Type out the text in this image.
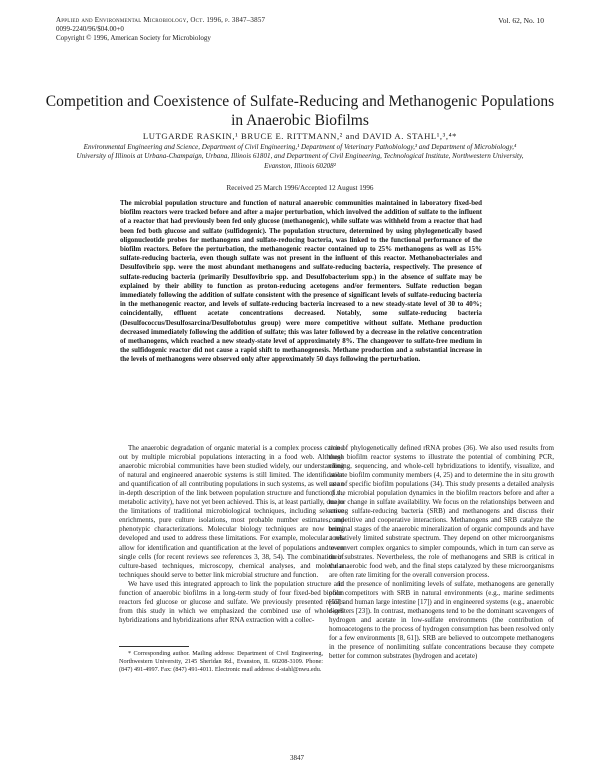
Applied and Environmental Microbiology, Oct. 1996, p. 3847–3857
0099-2240/96/$04.00+0
Copyright © 1996, American Society for Microbiology
Vol. 62, No. 10
Competition and Coexistence of Sulfate-Reducing and Methanogenic Populations in Anaerobic Biofilms
LUTGARDE RASKIN,¹ BRUCE E. RITTMANN,² and DAVID A. STAHL¹,³,⁴*
Environmental Engineering and Science, Department of Civil Engineering,¹ Department of Veterinary Pathobiology,³ and Department of Microbiology,⁴ University of Illinois at Urbana-Champaign, Urbana, Illinois 61801, and Department of Civil Engineering, Technological Institute, Northwestern University, Evanston, Illinois 60208²
Received 25 March 1996/Accepted 12 August 1996
The microbial population structure and function of natural anaerobic communities maintained in laboratory fixed-bed biofilm reactors were tracked before and after a major perturbation, which involved the addition of sulfate to the influent of a reactor that had previously been fed only glucose (methanogenic), while sulfate was withheld from a reactor that had been fed both glucose and sulfate (sulfidogenic). The population structure, determined by using phylogenetically based oligonucleotide probes for methanogens and sulfate-reducing bacteria, was linked to the functional performance of the biofilm reactors. Before the perturbation, the methanogenic reactor contained up to 25% methanogens as well as 15% sulfate-reducing bacteria, even though sulfate was not present in the influent of this reactor. Methanobacteriales and Desulfovibrio spp. were the most abundant methanogens and sulfate-reducing bacteria, respectively. The presence of sulfate-reducing bacteria (primarily Desulfovibrio spp. and Desulfobacterium spp.) in the absence of sulfate may be explained by their ability to function as proton-reducing acetogens and/or fermenters. Sulfate reduction began immediately following the addition of sulfate consistent with the presence of significant levels of sulfate-reducing bacteria in the methanogenic reactor, and levels of sulfate-reducing bacteria increased to a new steady-state level of 30 to 40%; coincidentally, effluent acetate concentrations decreased. Notably, some sulfate-reducing bacteria (Desulfococcus/Desulfosarcina/Desulfobotulus group) were more competitive without sulfate. Methane production decreased immediately following the addition of sulfate; this was later followed by a decrease in the relative concentration of methanogens, which reached a new steady-state level of approximately 8%. The changeover to sulfate-free medium in the sulfidogenic reactor did not cause a rapid shift to methanogenesis. Methane production and a substantial increase in the levels of methanogens were observed only after approximately 50 days following the perturbation.

The anaerobic degradation of organic material is a complex process carried out by multiple microbial populations interacting in a food web. Although anaerobic microbial communities have been studied widely, our understanding of natural and engineered anaerobic systems is still limited. The identification and quantification of all contributing populations in such systems, as well as an in-depth description of the link between population structure and function (i.e., metabolic activity), have not yet been achieved. This is, at least partially, due to the limitations of traditional microbiological techniques, including selective enrichments, pure culture isolations, most probable number estimates, and phenotypic characterizations. Molecular biology techniques are now being developed and used to address these limitations. For example, molecular tools allow for identification and quantification at the level of populations and even single cells (for recent reviews see references 3, 38, 54). The combination of culture-based techniques, microscopy, chemical analyses, and molecular techniques should serve to better link microbial structure and function.

We have used this integrated approach to link the population structure and function of anaerobic biofilms in a long-term study of four fixed-bed biofilm reactors fed glucose or glucose and sulfate. We previously presented results from this study in which we emphasized the combined use of whole-cell hybridizations and hybridizations after RNA extraction with a collec-

tion of phylogenetically defined rRNA probes (36). We also used results from these biofilm reactor systems to illustrate the potential of combining PCR, cloning, sequencing, and whole-cell hybridizations to identify, visualize, and isolate biofilm community members (4, 25) and to determine the in situ growth rate of specific biofilm populations (34). This study presents a detailed analysis of the microbial population dynamics in the biofilm reactors before and after a major change in sulfate availability. We focus on the relationships between and among sulfate-reducing bacteria (SRB) and methanogens and discuss their competitive and cooperative interactions. Methanogens and SRB catalyze the terminal stages of the anaerobic mineralization of organic compounds and have a relatively limited substrate spectrum. They depend on other microorganisms to convert complex organics to simpler compounds, which in turn can serve as their substrates. Nevertheless, the role of methanogens and SRB is critical in the anaerobic food web, and the final steps catalyzed by these microorganisms are often rate limiting for the overall conversion process.

In the presence of nonlimiting levels of sulfate, methanogens are generally poor competitors with SRB in natural environments (e.g., marine sediments [55] and human large intestine [17]) and in engineered systems (e.g., anaerobic digesters [23]). In contrast, methanogens tend to be the dominant scavengers of hydrogen and acetate in low-sulfate environments (the contribution of homoacetogens to the process of hydrogen consumption has been resolved only for a few environments [8, 61]). SRB are believed to outcompete methanogens in the presence of nonlimiting sulfate concentrations because they compete better for common substrates (hydrogen and acetate)

* Corresponding author. Mailing address: Department of Civil Engineering, Northwestern University, 2145 Sheridan Rd., Evanston, IL 60208-3109. Phone: (847) 491-4997. Fax: (847) 491-4011. Electronic mail address: d-stahl@nwu.edu.
3847
